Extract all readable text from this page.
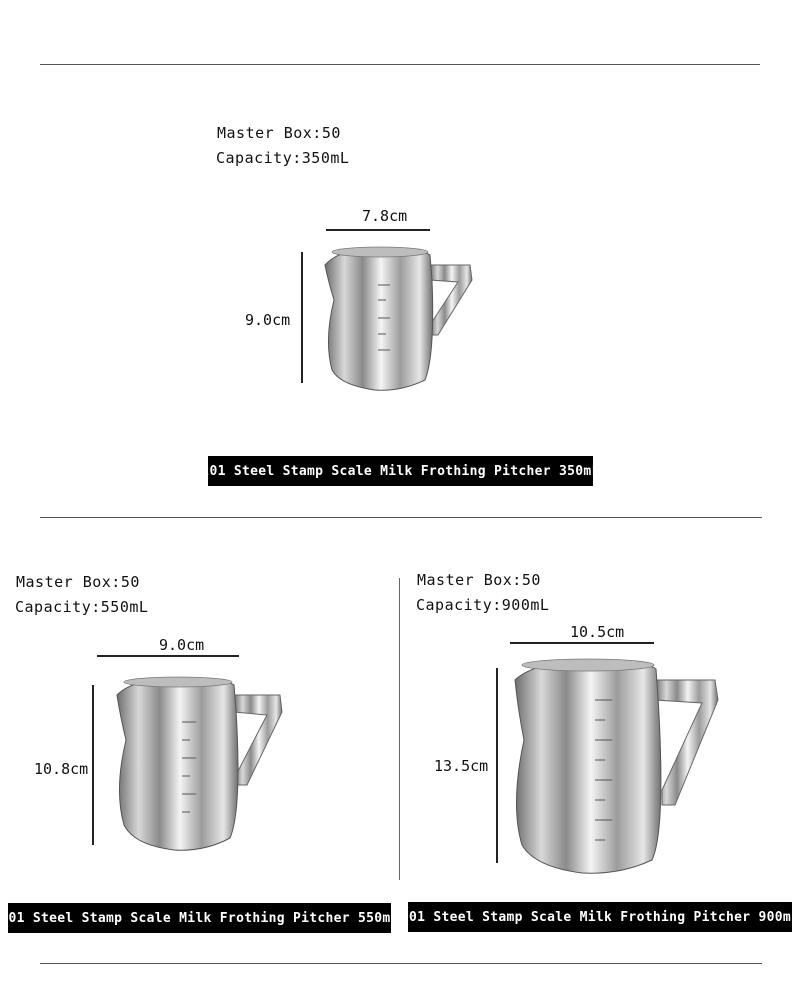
Master Box:50
Capacity:350mL
7.8cm
9.0cm
201 Steel Stamp Scale Milk Frothing Pitcher 350mL
Master Box:50
Capacity:550mL
9.0cm
10.8cm
201 Steel Stamp Scale Milk Frothing Pitcher 550mL
Master Box:50
Capacity:900mL
10.5cm
13.5cm
201 Steel Stamp Scale Milk Frothing Pitcher 900mL
